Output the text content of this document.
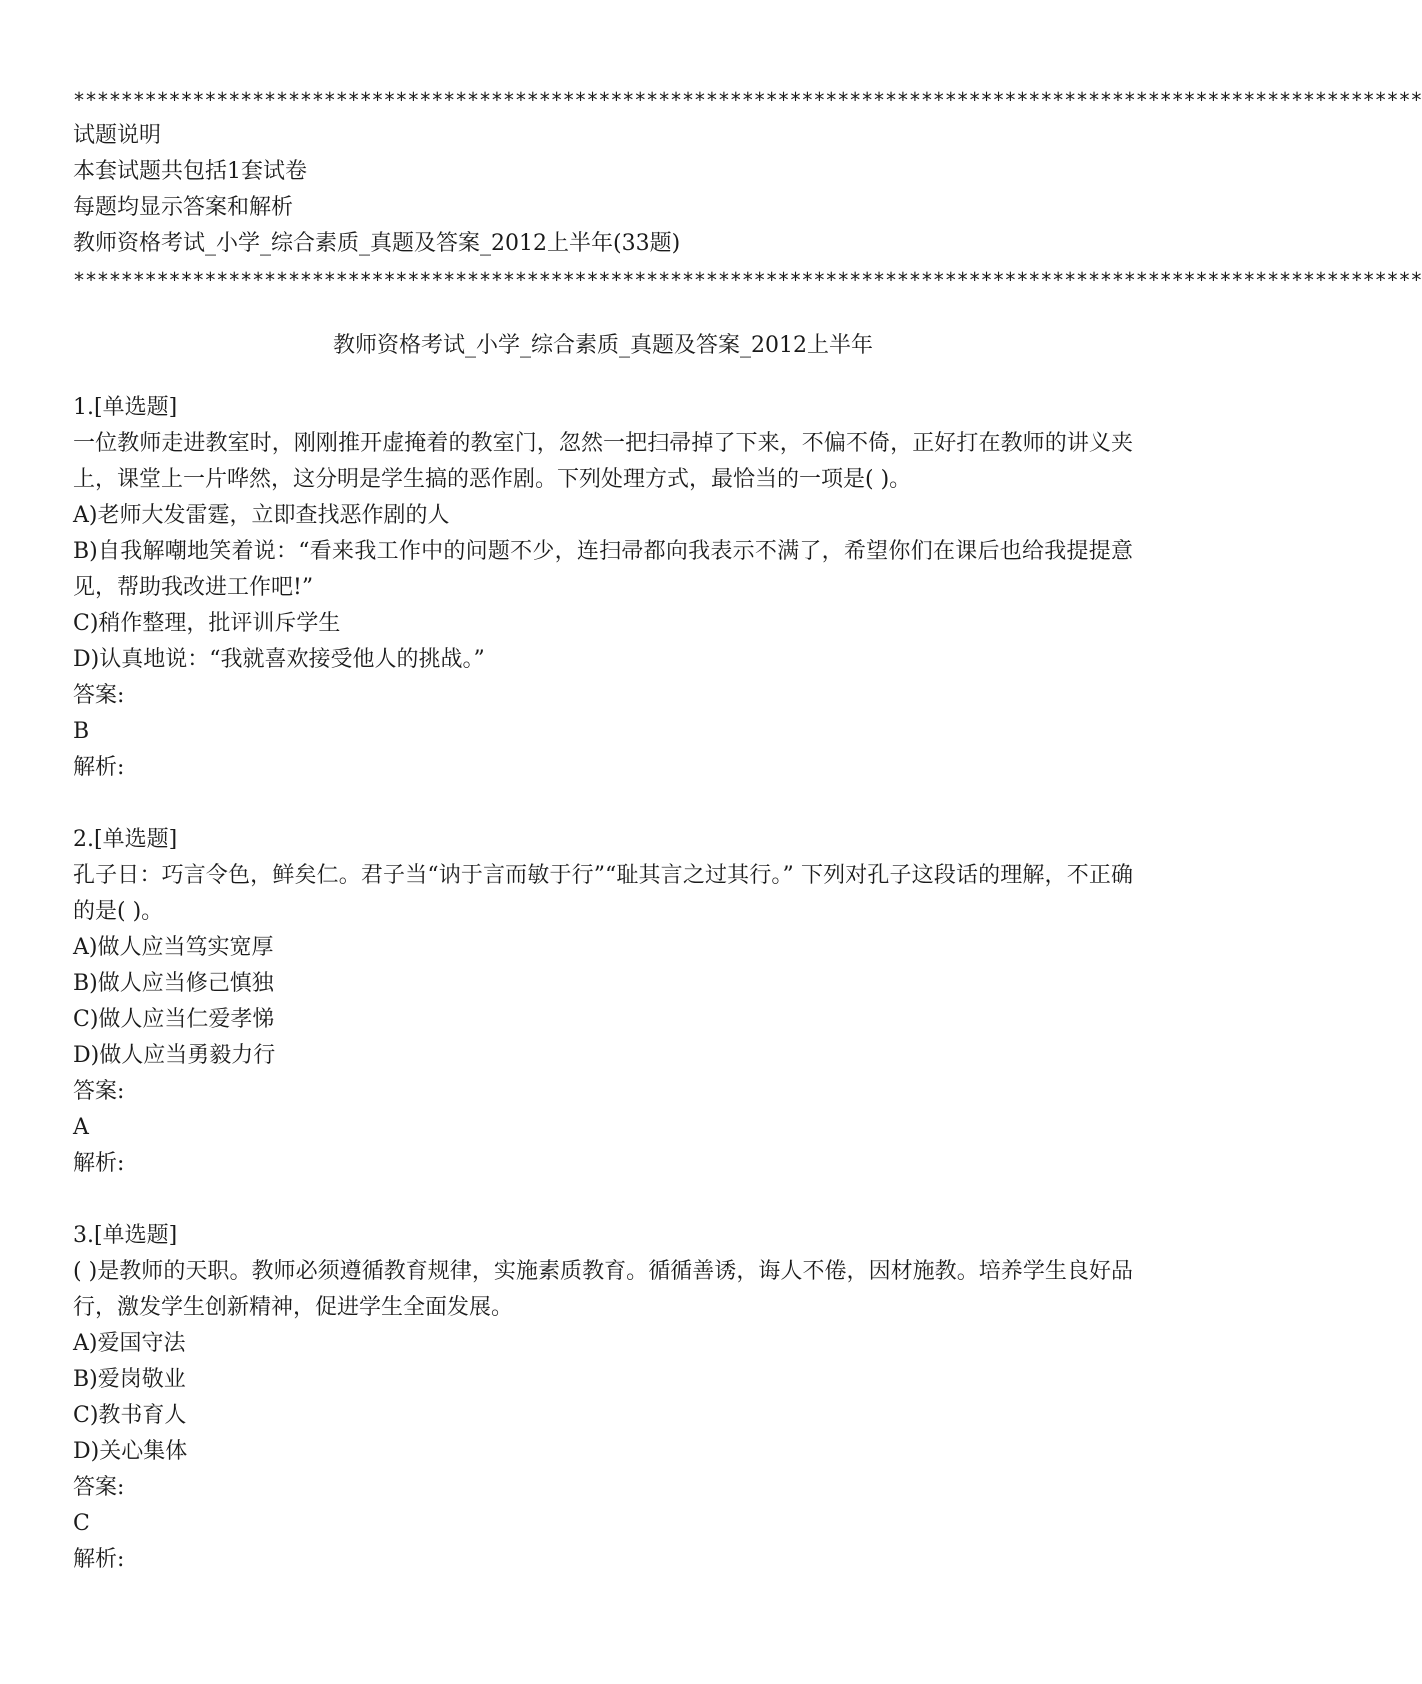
*****************************************************************************************************************
试题说明
本套试题共包括1套试卷
每题均显示答案和解析
教师资格考试_小学_综合素质_真题及答案_2012上半年(33题)
*****************************************************************************************************************
教师资格考试_小学_综合素质_真题及答案_2012上半年
1.[单选题]
一位教师走进教室时，刚刚推开虚掩着的教室门，忽然一把扫帚掉了下来，不偏不倚，正好打在教师的讲义夹上，课堂上一片哗然，这分明是学生搞的恶作剧。下列处理方式，最恰当的一项是( )。
A)老师大发雷霆，立即查找恶作剧的人
B)自我解嘲地笑着说：“看来我工作中的问题不少，连扫帚都向我表示不满了，希望你们在课后也给我提提意见，帮助我改进工作吧!”
C)稍作整理，批评训斥学生
D)认真地说：“我就喜欢接受他人的挑战。”
答案:
B
解析:
2.[单选题]
孔子日：巧言令色，鲜矣仁。君子当“讷于言而敏于行”“耻其言之过其行。” 下列对孔子这段话的理解，不正确的是( )。
A)做人应当笃实宽厚
B)做人应当修己慎独
C)做人应当仁爱孝悌
D)做人应当勇毅力行
答案:
A
解析:
3.[单选题]
( )是教师的天职。教师必须遵循教育规律，实施素质教育。循循善诱，诲人不倦，因材施教。培养学生良好品行，激发学生创新精神，促进学生全面发展。
A)爱国守法
B)爱岗敬业
C)教书育人
D)关心集体
答案:
C
解析:
